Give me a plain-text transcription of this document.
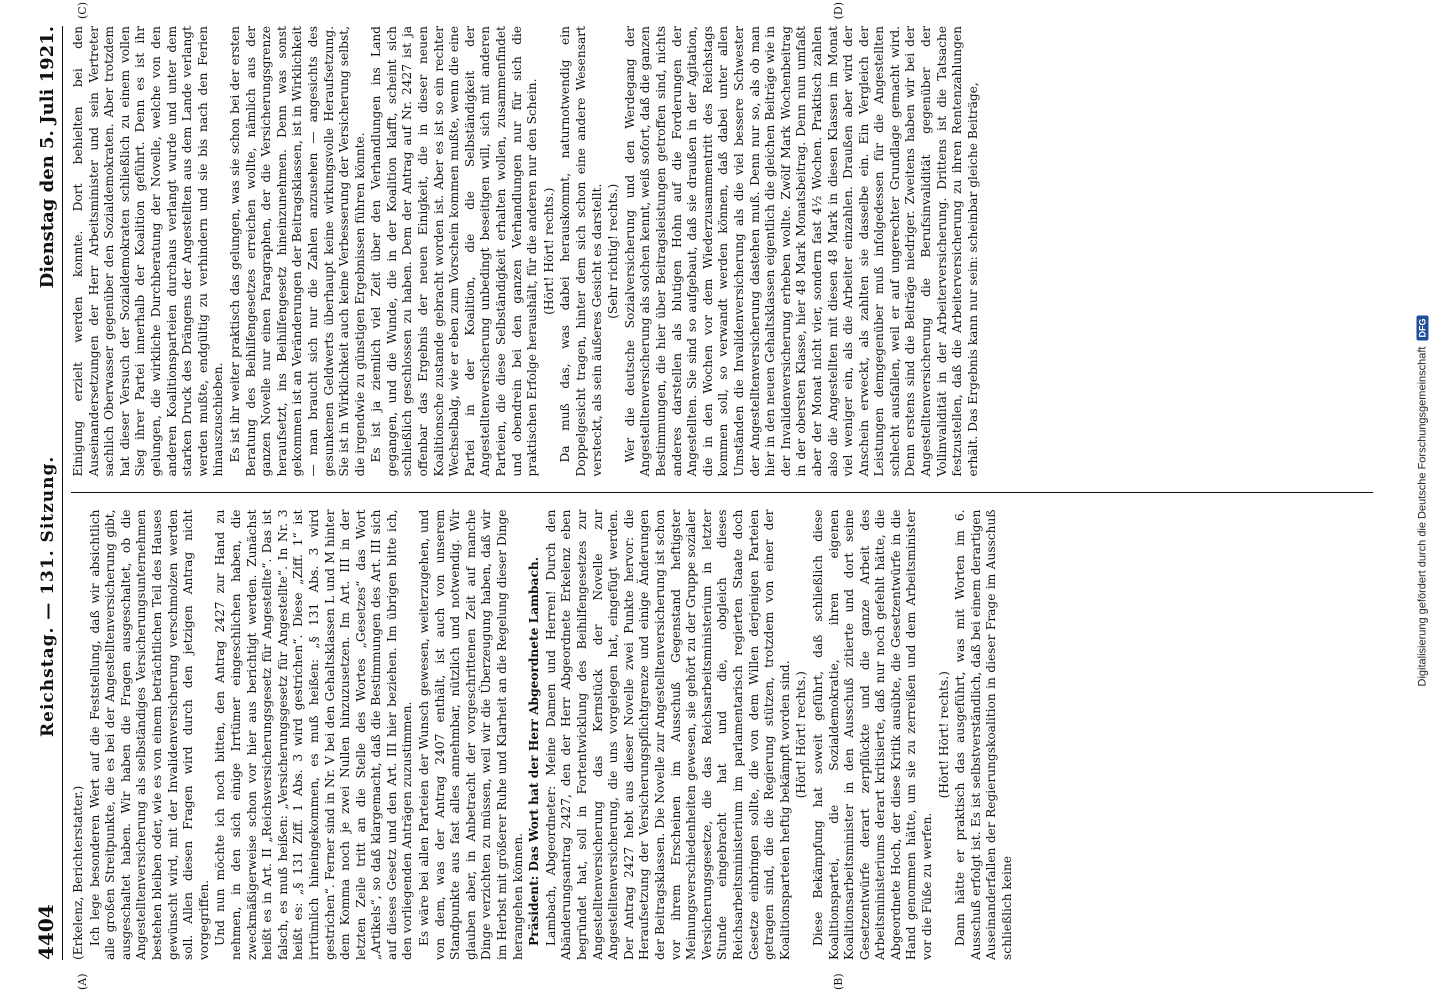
4404
Reichstag. — 131. Sitzung.
Dienstag den 5. Juli 1921.
(A)	(B)

(Erkelenz, Berichterstatter.) Ich lege besonderen Wert auf die Feststellung, daß wir absichtlich alle großen Streitpunkte, die es bei der Angestelltenversicherung gibt, ausgeschaltet haben. Wir haben die Fragen ausgeschaltet, ob die Angestelltenversicherung als selbständiges Versicherungsunternehmen bestehen bleiben oder, wie es von einem beträchtlichen Teil des Hauses gewünscht wird, mit der Invalidenversicherung verschmolzen werden soll. Allen diesen Fragen wird durch den jetzigen Antrag nicht vorgegriffen. Und nun möchte ich noch bitten, den Antrag 2427 zur Hand zu nehmen, in den sich einige Irrtümer eingeschlichen haben, die zweckmäßigerweise schon vor hier aus berichtigt werden. Zunächst heißt es in Art. II „Reichsversicherungsgesetz für Angestellte“. Das ist falsch, es muß heißen: „Versicherungsgesetz für Angestellte“. In Nr. 3 heißt es: „§ 131 Ziff. 1 Abs. 3 wird gestrichen“. Diese „Ziff. 1“ ist irrtümlich hineingekommen, es muß heißen: „§ 131 Abs. 3 wird gestrichen“. Ferner sind in Nr. V bei den Gehaltsklassen L und M hinter dem Komma noch je zwei Nullen hinzuzusetzen. Im Art. III in der letzten Zeile tritt an die Stelle des Wortes „Gesetzes“ das Wort „Artikels“, so daß klargemacht, daß die Bestimmungen des Art. III sich auf dieses Gesetz und den Art. III hier beziehen. Im übrigen bitte ich, den vorliegenden Anträgen zuzustimmen. Es wäre bei allen Parteien der Wunsch gewesen, weiterzugehen, und von dem, was der Antrag 2407 enthält, ist auch von unserem Standpunkte aus fast alles annehmbar, nützlich und notwendig. Wir glauben aber, in Anbetracht der vorgeschrittenen Zeit auf manche Dinge verzichten zu müssen, weil wir die Überzeugung haben, daß wir im Herbst mit größerer Ruhe und Klarheit an die Regelung dieser Dinge herangehen können. Präsident: Das Wort hat der Herr Abgeordnete Lambach. Lambach, Abgeordneter: Meine Damen und Herren! Durch den Abänderungsantrag 2427, den der Herr Abgeordnete Erkelenz eben begründet hat, soll in Fortentwicklung des Beihilfengesetzes zur Angestelltenversicherung das Kernstück der Novelle zur Angestelltenversicherung, die uns vorgelegen hat, eingefügt werden. Der Antrag 2427 hebt aus dieser Novelle zwei Punkte hervor: die Heraufsetzung der Versicherungspflichtgrenze und einige Änderungen der Beitragsklassen. Die Novelle zur Angestelltenversicherung ist schon vor ihrem Erscheinen im Ausschuß Gegenstand heftigster Meinungsverschiedenheiten gewesen, sie gehört zu der Gruppe sozialer Versicherungsgesetze, die das Reichsarbeitsministerium in letzter Stunde eingebracht hat und die, obgleich dieses Reichsarbeitsministerium im parlamentarisch regierten Staate doch Gesetze einbringen sollte, die von dem Willen derjenigen Parteien getragen sind, die die Regierung stützen, trotzdem von einer der Koalitionsparteien heftig bekämpft worden sind. (Hört! Hört! rechts.) Diese Bekämpfung hat soweit geführt, daß schließlich diese Koalitionspartei, die Sozialdemokratie, ihren eigenen Koalitionsarbeitsminister in den Ausschuß zitierte und dort seine Gesetzentwürfe derart zerpflückte und die ganze Arbeit des Arbeitsministeriums derart kritisierte, daß nur noch gefehlt hätte, die Abgeordnete Hoch, der diese Kritik ausübte, die Gesetzentwürfe in die Hand genommen hätte, um sie zu zerreißen und dem Arbeitsminister vor die Füße zu werfen.

(Hört! Hört! rechts.) Dann hätte er praktisch das ausgeführt, was mit Worten im 6. Ausschuß erfolgt ist. Es ist selbstverständlich, daß bei einem derartigen Auseinanderfallen der Regierungskoalition in dieser Frage im Ausschuß schließlich keine

(C)	(D)

Einigung erzielt werden konnte. Dort behielten bei den Auseinandersetzungen der Herr Arbeitsminister und sein Vertreter sachlich Oberwasser gegenüber den Sozialdemokraten. Aber trotzdem hat dieser Versuch der Sozialdemokraten schließlich zu einem vollen Sieg ihrer Partei innerhalb der Koalition geführt. Denn es ist ihr gelungen, die wirkliche Durchberatung der Novelle, welche von den anderen Koalitionsparteien durchaus verlangt wurde und unter dem starken Druck des Drängens der Angestellten aus dem Lande verlangt werden mußte, endgültig zu verhindern und sie bis nach den Ferien hinauszuschieben. Es ist ihr weiter praktisch das gelungen, was sie schon bei der ersten Beratung des Beihilfengesetzes erreichen wollte, nämlich aus der ganzen Novelle nur einen Paragraphen, der die Versicherungsgrenze heraufsetzt, ins Beihilfengesetz hineinzunehmen. Denn was sonst gekommen ist an Veränderungen der Beitragsklassen, ist in Wirklichkeit — man braucht sich nur die Zahlen anzusehen — angesichts des gesunkenen Geldwerts überhaupt keine wirkungsvolle Heraufsetzung. Sie ist in Wirklichkeit auch keine Verbesserung der Versicherung selbst, die irgendwie zu günstigen Ergebnissen führen könnte. Es ist ja ziemlich viel Zeit über den Verhandlungen ins Land gegangen, und die Wunde, die in der Koalition klafft, scheint sich schließlich geschlossen zu haben. Dem der Antrag auf Nr. 2427 ist ja offenbar das Ergebnis der neuen Einigkeit, die in dieser neuen Koalitionsche zustande gebracht worden ist. Aber es ist so ein rechter Wechselbalg, wie er eben zum Vorschein kommen mußte, wenn die eine Partei in der Koalition, die die Selbständigkeit der Angestelltenversicherung unbedingt beseitigen will, sich mit anderen Parteien, die diese Selbständigkeit erhalten wollen, zusammenfindet und obendrein bei den ganzen Verhandlungen nur für sich die praktischen Erfolge heraushält, für die anderen nur den Schein. (Hört! Hört! rechts.) Da muß das, was dabei herauskommt, naturnotwendig ein Doppelgesicht tragen, hinter dem sich schon eine andere Wesensart versteckt, als sein äußeres Gesicht es darstellt. (Sehr richtig! rechts.) Wer die deutsche Sozialversicherung und den Werdegang der Angestelltenversicherung als solchen kennt, weiß sofort, daß die ganzen Bestimmungen, die hier über Beitragsleistungen getroffen sind, nichts anderes darstellen als blutigen Hohn auf die Forderungen der Angestellten. Sie sind so aufgebaut, daß sie draußen in der Agitation, die in den Wochen vor dem Wiederzusammentritt des Reichstags kommen soll, so verwandt werden können, daß dabei unter allen Umständen die Invalidenversicherung als die viel bessere Schwester der Angestelltenversicherung dastehen muß. Denn nur so, als ob man hier in den neuen Gehaltsklassen eigentlich die gleichen Beiträge wie in der Invalidenversicherung erheben wollte. Zwölf Mark Wochenbeitrag in der obersten Klasse, hier 48 Mark Monatsbeitrag. Denn nun umfaßt aber der Monat nicht vier, sondern fast 4½ Wochen. Praktisch zahlen also die Angestellten mit diesen 48 Mark in diesen Klassen im Monat viel weniger ein, als die Arbeiter einzahlen. Draußen aber wird der Anschein erweckt, als zahlten sie dasselbe ein. Ein Vergleich der Leistungen demgegenüber muß infolgedessen für die Angestellten schlecht ausfallen, weil er auf ungerechter Grundlage gemacht wird. Denn erstens sind die Beiträge niedriger. Zweitens haben wir bei der Angestelltenversicherung die Berufsinvalidität gegenüber der Vollinvalidität in der Arbeiterversicherung. Drittens ist die Tatsache festzustellen, daß die Arbeiterversicherung zu ihren Rentenzahlungen erhält. Das Ergebnis kann nur sein: scheinbar gleiche Beiträge,

Digitalisierung gefördert durch die Deutsche Forschungsgemeinschaft
DFG
